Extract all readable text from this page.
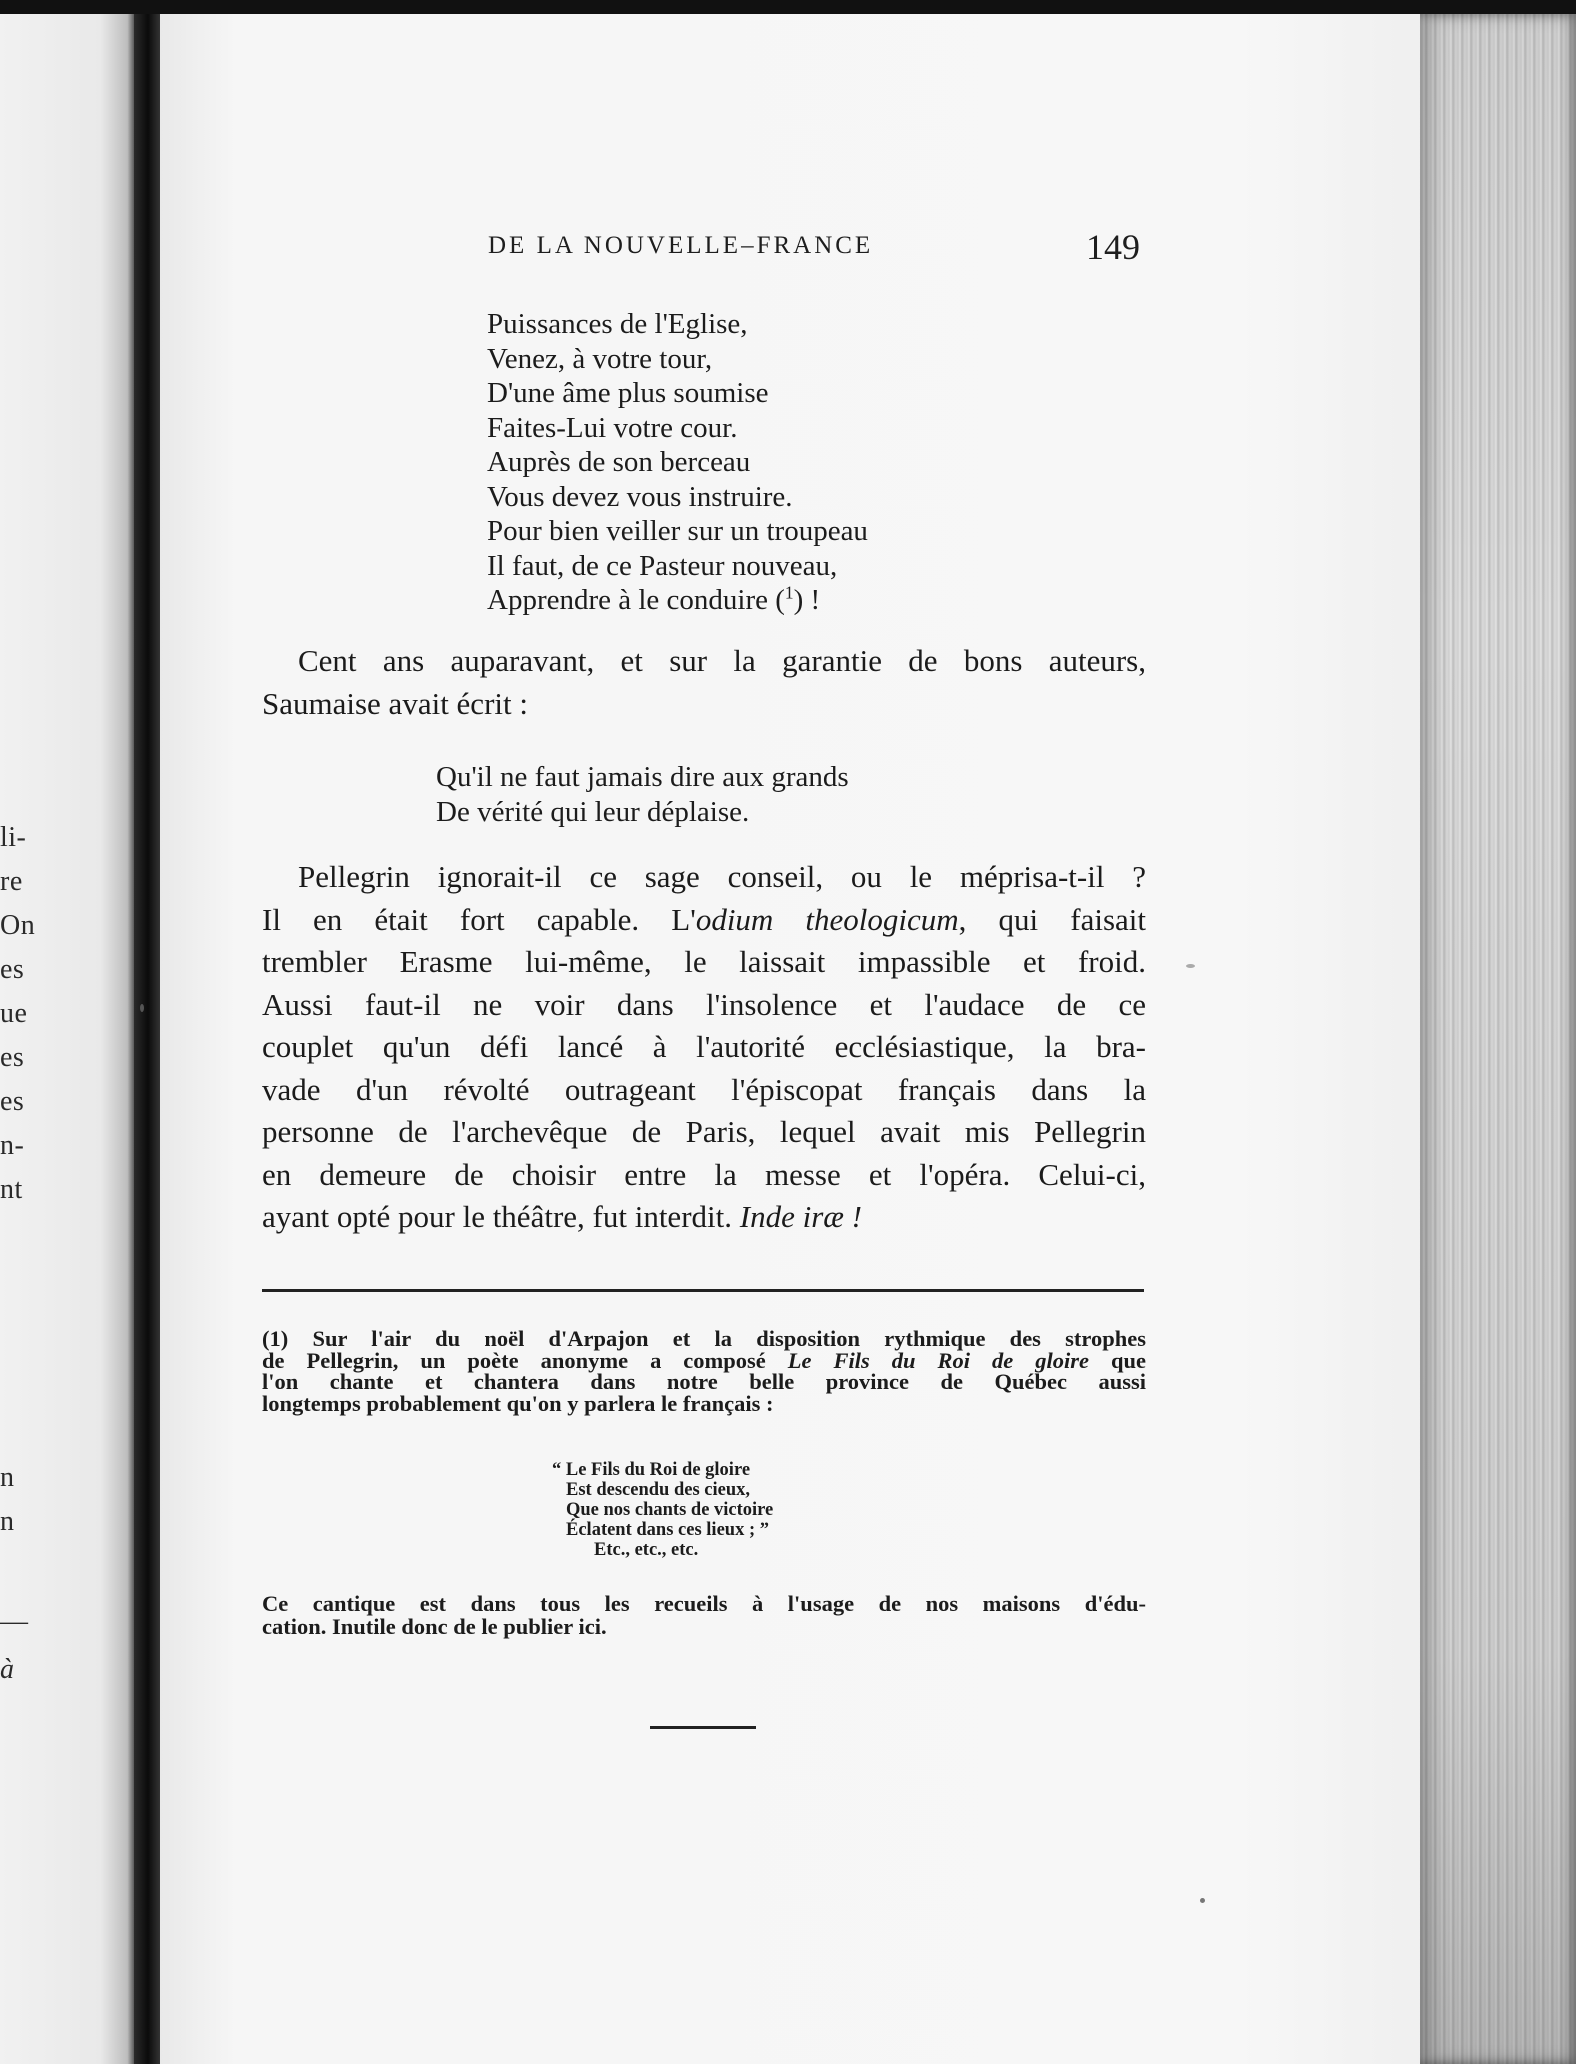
li-
re
On
es
ue
es
es
n-
nt
n
n
—
à
DE LA NOUVELLE–FRANCE	149
Puissances de l'Eglise,
Venez, à votre tour,
D'une âme plus soumise
Faites-Lui votre cour.
Auprès de son berceau
Vous devez vous instruire.
Pour bien veiller sur un troupeau
Il faut, de ce Pasteur nouveau,
Apprendre à le conduire ($^1$) !

Cent ans auparavant, et sur la garantie de bons auteurs,
Saumaise avait écrit :

Qu'il ne faut jamais dire aux grands
De vérité qui leur déplaise.

Pellegrin ignorait-il ce sage conseil, ou le méprisa-t-il ?
Il en était fort capable. L'odium theologicum, qui faisait
trembler Erasme lui-même, le laissait impassible et froid.
Aussi faut-il ne voir dans l'insolence et l'audace de ce
couplet qu'un défi lancé à l'autorité ecclésiastique, la bra-
vade d'un révolté outrageant l'épiscopat français dans la
personne de l'archevêque de Paris, lequel avait mis Pellegrin
en demeure de choisir entre la messe et l'opéra. Celui-ci,
ayant opté pour le théâtre, fut interdit. Inde iræ !

(1) Sur l'air du noël d'Arpajon et la disposition rythmique des strophes
de Pellegrin, un poète anonyme a composé Le Fils du Roi de gloire que
l'on chante et chantera dans notre belle province de Québec aussi
longtemps probablement qu'on y parlera le français :
“ Le Fils du Roi de gloire
Est descendu des cieux,
Que nos chants de victoire
Éclatent dans ces lieux ; ”
Etc., etc., etc.
Ce cantique est dans tous les recueils à l'usage de nos maisons d'édu-
cation. Inutile donc de le publier ici.
